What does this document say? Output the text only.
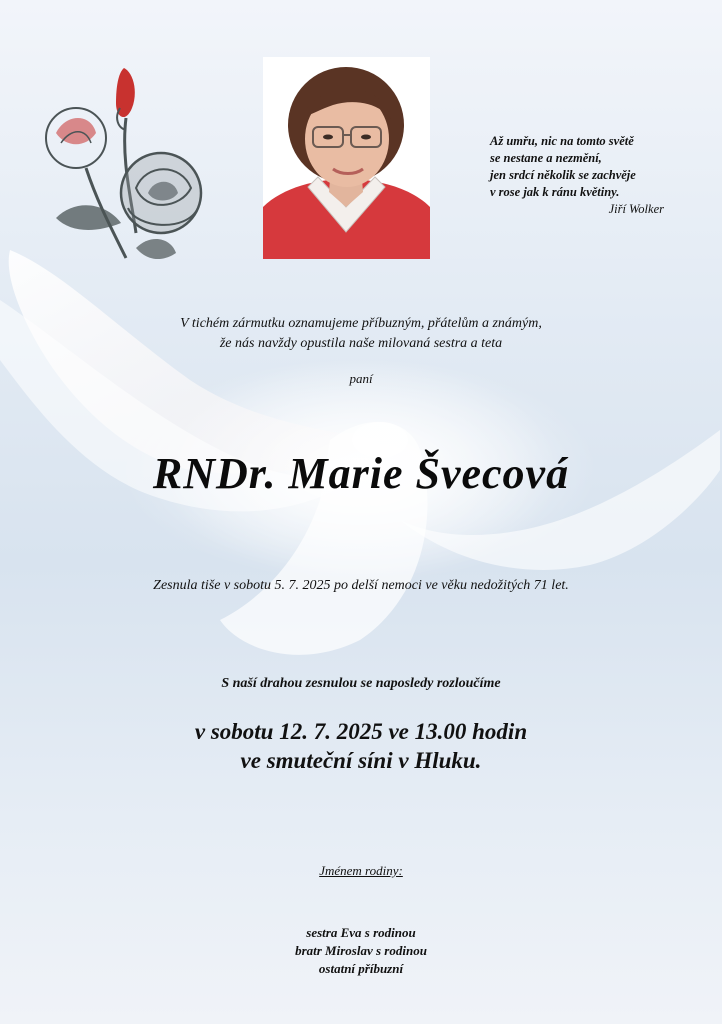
Až umřu, nic na tomto světě
se nestane a nezmění,
jen srdcí několik se zachvěje
v rose jak k ránu květiny.
Jiří Wolker
V tichém zármutku oznamujeme příbuzným, přátelům a známým,
že nás navždy opustila naše milovaná sestra a teta
paní
RNDr. Marie Švecová
Zesnula tiše v sobotu 5. 7. 2025 po delší nemoci ve věku nedožitých 71 let.
S naší drahou zesnulou se naposledy rozloučíme
v sobotu 12. 7. 2025 ve 13.00 hodin
ve smuteční síni v Hluku.
Jménem rodiny:
sestra Eva s rodinou
bratr Miroslav s rodinou
ostatní příbuzní
